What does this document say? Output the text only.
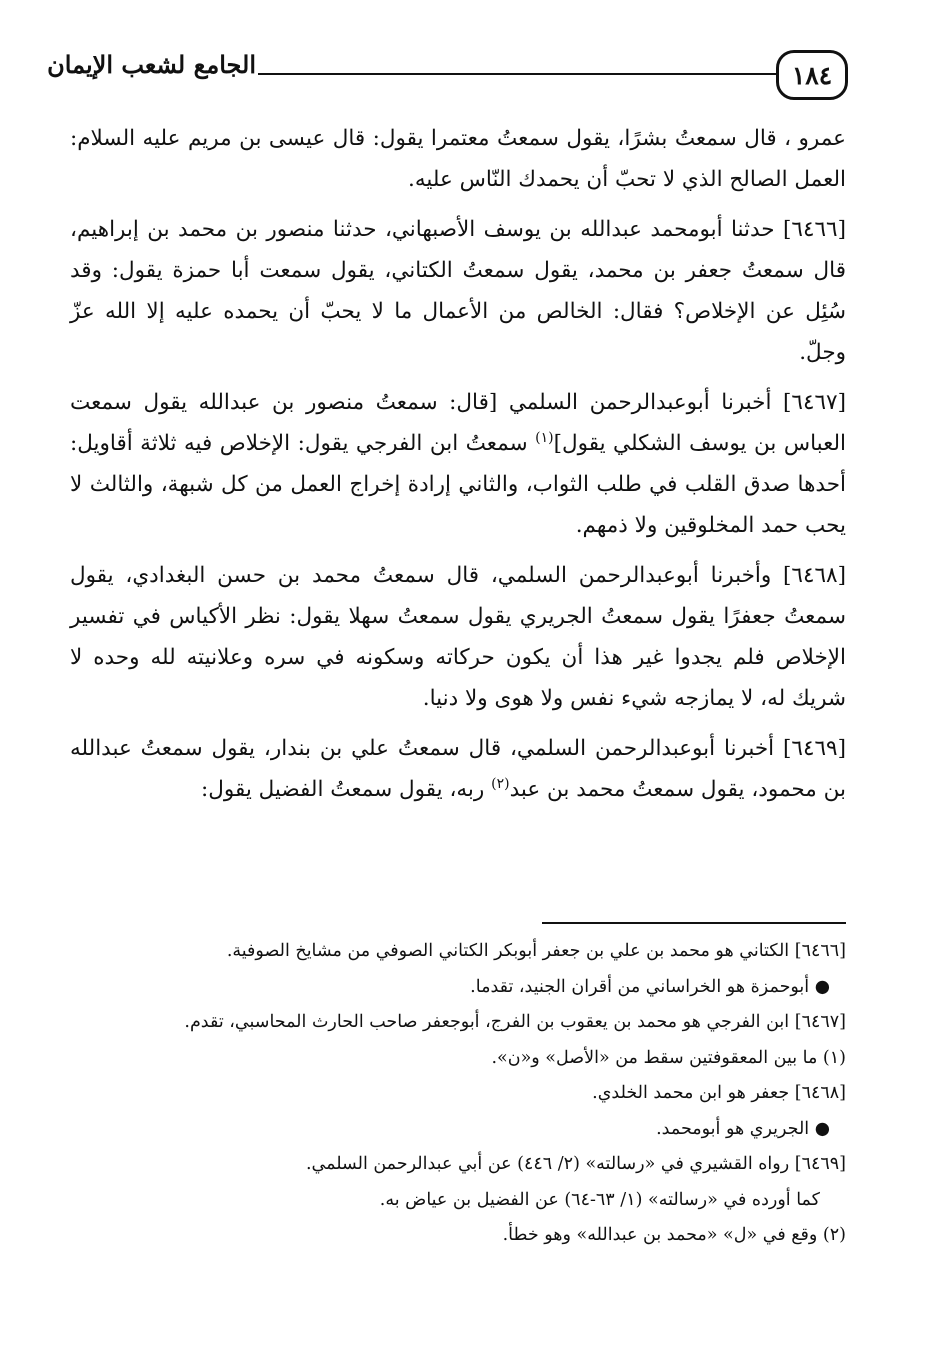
١٨٤
الجامع لشعب الإيمان

عمرو ، قال سمعتُ بشرًا، يقول سمعتُ معتمرا يقول: قال عيسى بن مريم عليه السلام: العمل الصالح الذي لا تحبّ أن يحمدك النّاس عليه.

[٦٤٦٦] حدثنا أبومحمد عبدالله بن يوسف الأصبهاني، حدثنا منصور بن محمد بن إبراهيم، قال سمعتُ جعفر بن محمد، يقول سمعتُ الكتاني، يقول سمعت أبا حمزة يقول: وقد سُئِل عن الإخلاص؟ فقال: الخالص من الأعمال ما لا يحبّ أن يحمده عليه إلا الله عزّ وجلّ.

[٦٤٦٧] أخبرنا أبوعبدالرحمن السلمي [قال: سمعتُ منصور بن عبدالله يقول سمعت العباس بن يوسف الشكلي يقول]$^{(١)}$ سمعتُ ابن الفرجي يقول: الإخلاص فيه ثلاثة أقاويل: أحدها صدق القلب في طلب الثواب، والثاني إرادة إخراج العمل من كل شبهة، والثالث لا يحب حمد المخلوقين ولا ذمهم.

[٦٤٦٨] وأخبرنا أبوعبدالرحمن السلمي، قال سمعتُ محمد بن حسن البغدادي، يقول سمعتُ جعفرًا يقول سمعتُ الجريري يقول سمعتُ سهلا يقول: نظر الأكياس في تفسير الإخلاص فلم يجدوا غير هذا أن يكون حركاته وسكونه في سره وعلانيته لله وحده لا شريك له، لا يمازجه شيء نفس ولا هوى ولا دنيا.

[٦٤٦٩] أخبرنا أبوعبدالرحمن السلمي، قال سمعتُ علي بن بندار، يقول سمعتُ عبدالله بن محمود، يقول سمعتُ محمد بن عبد$^{(٢)}$ ربه، يقول سمعتُ الفضيل يقول:

[٦٤٦٦] الكتاني هو محمد بن علي بن جعفر أبوبكر الكتاني الصوفي من مشايخ الصوفية.
● أبوحمزة هو الخراساني من أقران الجنيد، تقدما.
[٦٤٦٧] ابن الفرجي هو محمد بن يعقوب بن الفرج، أبوجعفر صاحب الحارث المحاسبي، تقدم.
(١) ما بين المعقوفتين سقط من «الأصل» و«ن».
[٦٤٦٨] جعفر هو ابن محمد الخلدي.
● الجريري هو أبومحمد.
[٦٤٦٩] رواه القشيري في «رسالته» (٢/ ٤٤٦) عن أبي عبدالرحمن السلمي.
كما أورده في «رسالته» (١/ ٦٣-٦٤) عن الفضيل بن عياض به.
(٢) وقع في «ل» «محمد بن عبدالله» وهو خطأ.
